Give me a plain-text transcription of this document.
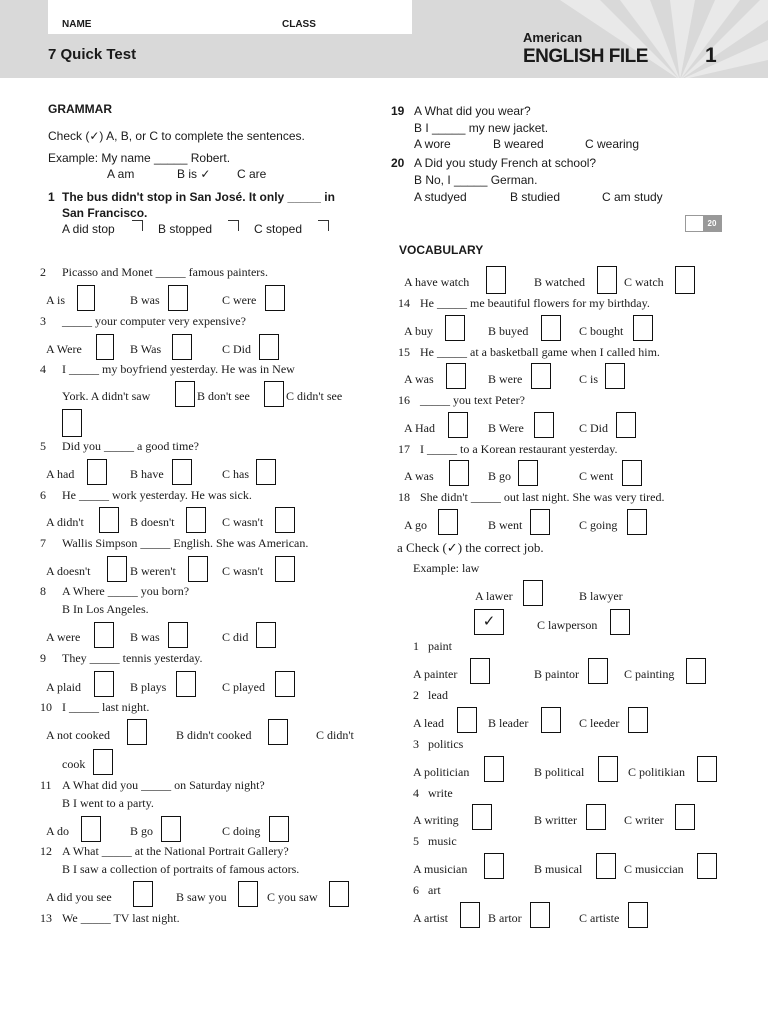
NAME	CLASS
7 Quick Test
American
ENGLISH FILE	1
GRAMMAR
Check (✓) A, B, or C to complete the sentences.
Example: My name _____ Robert.
A am	B is ✓ C are
1 The bus didn't stop in San José. It only _____ in
San Francisco.
A did stop	B stopped	C stoped
2 Picasso and Monet _____ famous painters.
A is	B was	C were
3 _____ your computer very expensive?
A Were	B Was	C Did
4 I _____ my boyfriend yesterday. He was in New
York. A didn't saw	B don't see	C didn't see
5 Did you _____ a good time?
A had	B have	C has
6 He _____ work yesterday. He was sick.
A didn't	B doesn't	C wasn't
7 Wallis Simpson _____ English. She was American.
A doesn't	B weren't	C wasn't
8 A Where _____ you born?
B In Los Angeles.
A were	B was	C did
9 They _____ tennis yesterday.
A plaid	B plays	C played
10 I _____ last night.
A not cooked	B didn't cooked	C didn't
cook
11 A What did you _____ on Saturday night?
B I went to a party.
A do	B go	C doing
12 A What _____ at the National Portrait Gallery?
B I saw a collection of portraits of famous actors.
A did you see	B saw you	C you saw
13 We _____ TV last night.
19 A What did you wear?
B I _____ my new jacket.
A wore	B weared	C wearing
20 A Did you study French at school?
B No, I _____ German.
A studyed	B studied	C am study
20
VOCABULARY
A have watch	B watched	C watch
14 He _____ me beautiful flowers for my birthday.
A buy	B buyed	C bought
15 He _____ at a basketball game when I called him.
A was	B were	C is
16 _____ you text Peter?
A Had	B Were	C Did
17 I _____ to a Korean restaurant yesterday.
A was	B go	C went
18 She didn't _____ out last night. She was very tired.
A go	B went	C going
a Check (✓) the correct job.
Example: law
A lawer	B lawyer
✓	C lawperson
1 paint
A painter	B paintor	C painting
2 lead
A lead	B leader	C leeder
3 politics
A politician	B political	C politikian
4 write
A writing	B writter	C writer
5 music
A musician	B musical	C musiccian
6 art
A artist	B artor	C artiste
